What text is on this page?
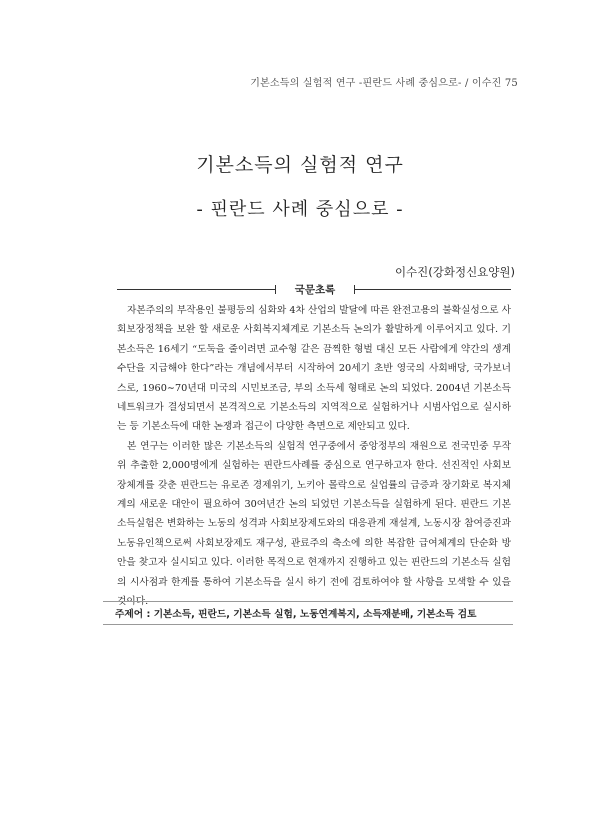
기본소득의 실험적 연구 -핀란드 사례 중심으로- / 이수진 75
기본소득의 실험적 연구
- 핀란드 사례 중심으로 -
이수진(강화정신요양원)
국문초록

자본주의의 부작용인 불평등의 심화와 4차 산업의 발달에 따른 완전고용의 불확실성으로 사회보장정책을 보완 할 새로운 사회복지체계로 기본소득 논의가 활발하게 이루어지고 있다. 기본소득은 16세기 “도둑을 줄이려면 교수형 같은 끔찍한 형벌 대신 모든 사람에게 약간의 생계수단을 지급해야 한다”라는 개념에서부터 시작하여 20세기 초반 영국의 사회배당, 국가보너스로, 1960∼70년대 미국의 시민보조금, 부의 소득세 형태로 논의 되었다. 2004년 기본소득네트워크가 결성되면서 본격적으로 기본소득의 지역적으로 실험하거나 시범사업으로 실시하는 등 기본소득에 대한 논쟁과 접근이 다양한 측면으로 제안되고 있다.

본 연구는 이러한 많은 기본소득의 실험적 연구중에서 중앙정부의 재원으로 전국민중 무작위 추출한 2,000명에게 실험하는 핀란드사례를 중심으로 연구하고자 한다. 선진적인 사회보장체계를 갖춘 핀란드는 유로존 경제위기, 노키아 몰락으로 실업률의 급증과 장기화로 복지체계의 새로운 대안이 필요하여 30여년간 논의 되었던 기본소득을 실험하게 된다. 핀란드 기본소득실험은 변화하는 노동의 성격과 사회보장제도와의 대응관계 재설계, 노동시장 참여증진과 노동유인책으로써 사회보장제도 재구성, 관료주의 축소에 의한 복잡한 급여체계의 단순화 방안을 찾고자 실시되고 있다. 이러한 목적으로 현재까지 진행하고 있는 핀란드의 기본소득 실험의 시사점과 한계를 통하여 기본소득을 실시 하기 전에 검토하여야 할 사항을 모색할 수 있을 것이다.

주제어 : 기본소득, 핀란드, 기본소득 실험, 노동연계복지, 소득재분배, 기본소득 검토
